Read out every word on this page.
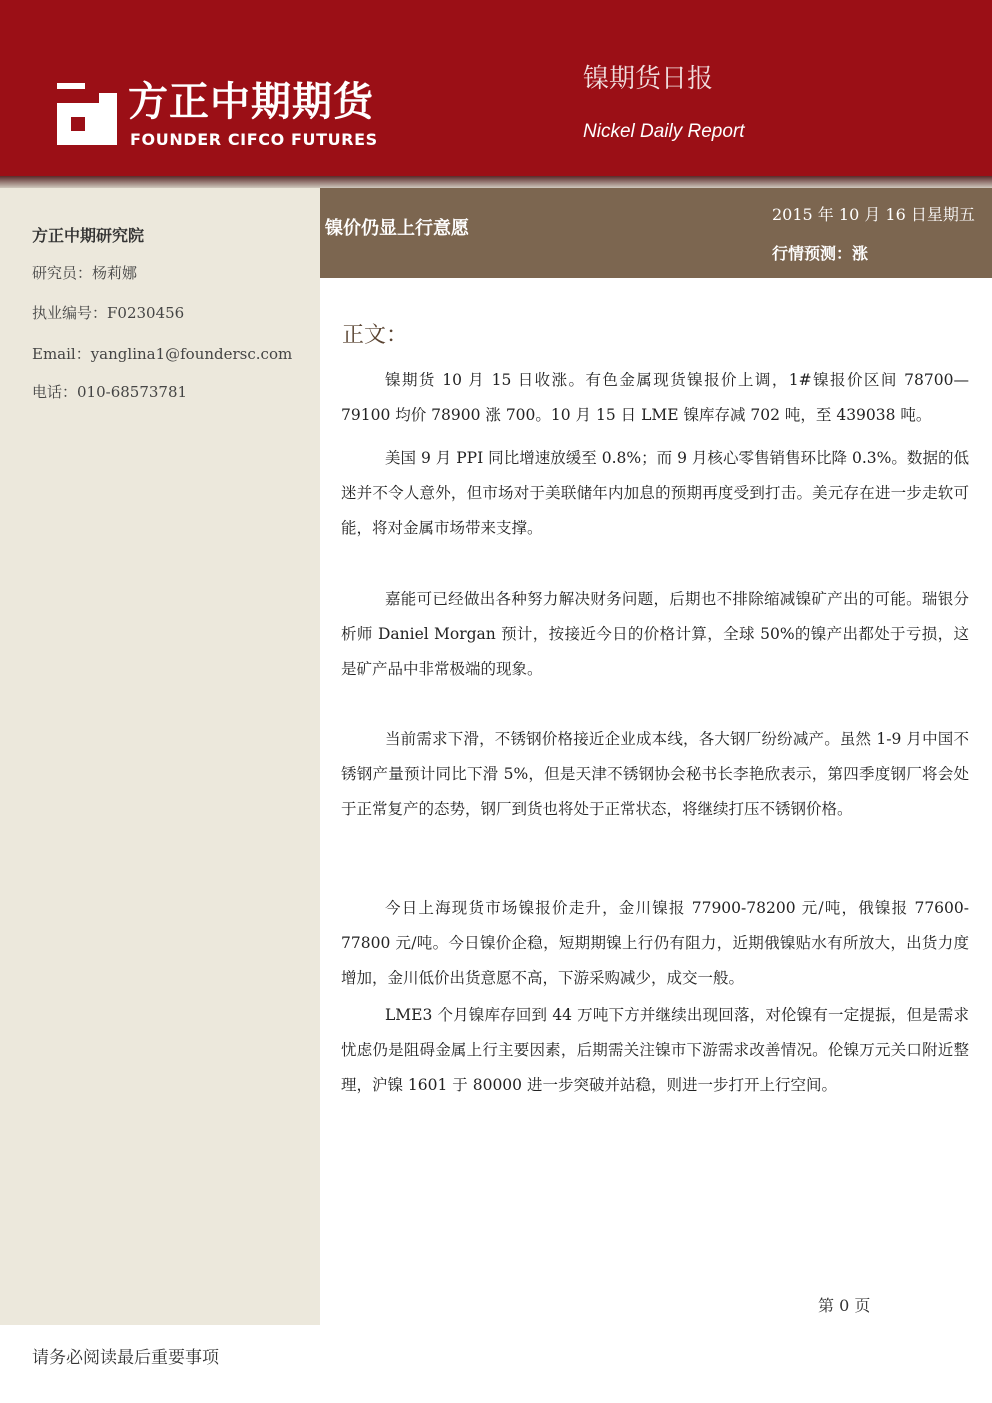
方正中期期货
FOUNDER CIFCO FUTURES
镍期货日报
Nickel Daily Report
方正中期研究院
研究员：杨莉娜
执业编号：F0230456
Email：yanglina1@foundersc.com
电话：010-68573781
镍价仍显上行意愿
2015 年 10 月 16 日星期五
行情预测：涨
正文：

镍期货 10 月 15 日收涨。有色金属现货镍报价上调，1#镍报价区间 78700—79100 均价 78900 涨 700。10 月 15 日 LME 镍库存减 702 吨，至 439038 吨。

美国 9 月 PPI 同比增速放缓至 0.8%；而 9 月核心零售销售环比降 0.3%。数据的低迷并不令人意外，但市场对于美联储年内加息的预期再度受到打击。美元存在进一步走软可能，将对金属市场带来支撑。

嘉能可已经做出各种努力解决财务问题，后期也不排除缩减镍矿产出的可能。瑞银分析师 Daniel Morgan 预计，按接近今日的价格计算，全球 50%的镍产出都处于亏损，这是矿产品中非常极端的现象。

当前需求下滑，不锈钢价格接近企业成本线，各大钢厂纷纷减产。虽然 1-9 月中国不锈钢产量预计同比下滑 5%，但是天津不锈钢协会秘书长李艳欣表示，第四季度钢厂将会处于正常复产的态势，钢厂到货也将处于正常状态，将继续打压不锈钢价格。

今日上海现货市场镍报价走升，金川镍报 77900-78200 元/吨，俄镍报 77600-77800 元/吨。今日镍价企稳，短期期镍上行仍有阻力，近期俄镍贴水有所放大，出货力度增加，金川低价出货意愿不高，下游采购减少，成交一般。

LME3 个月镍库存回到 44 万吨下方并继续出现回落，对伦镍有一定提振，但是需求忧虑仍是阻碍金属上行主要因素，后期需关注镍市下游需求改善情况。伦镍万元关口附近整理，沪镍 1601 于 80000 进一步突破并站稳，则进一步打开上行空间。

第 0 页
请务必阅读最后重要事项
